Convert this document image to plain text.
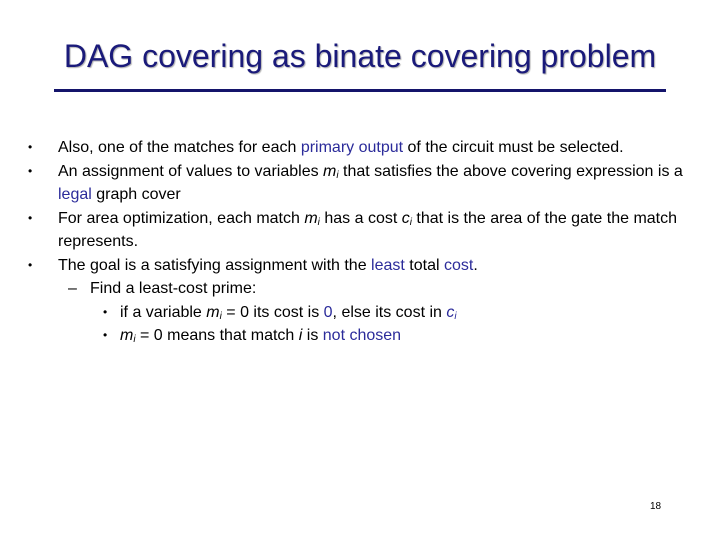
DAG covering as binate covering problem
• Also, one of the matches for each primary output of the circuit must be selected.
• An assignment of values to variables $m_i$ that satisfies the above covering expression is a legal graph cover
• For area optimization, each match $m_i$ has a cost $c_i$ that is the area of the gate the match represents.
• The goal is a satisfying assignment with the least total cost.
– Find a least-cost prime:
• if a variable $m_i = 0$ its cost is 0, else its cost in $c_i$
• $m_i = 0$ means that match i is not chosen
18
